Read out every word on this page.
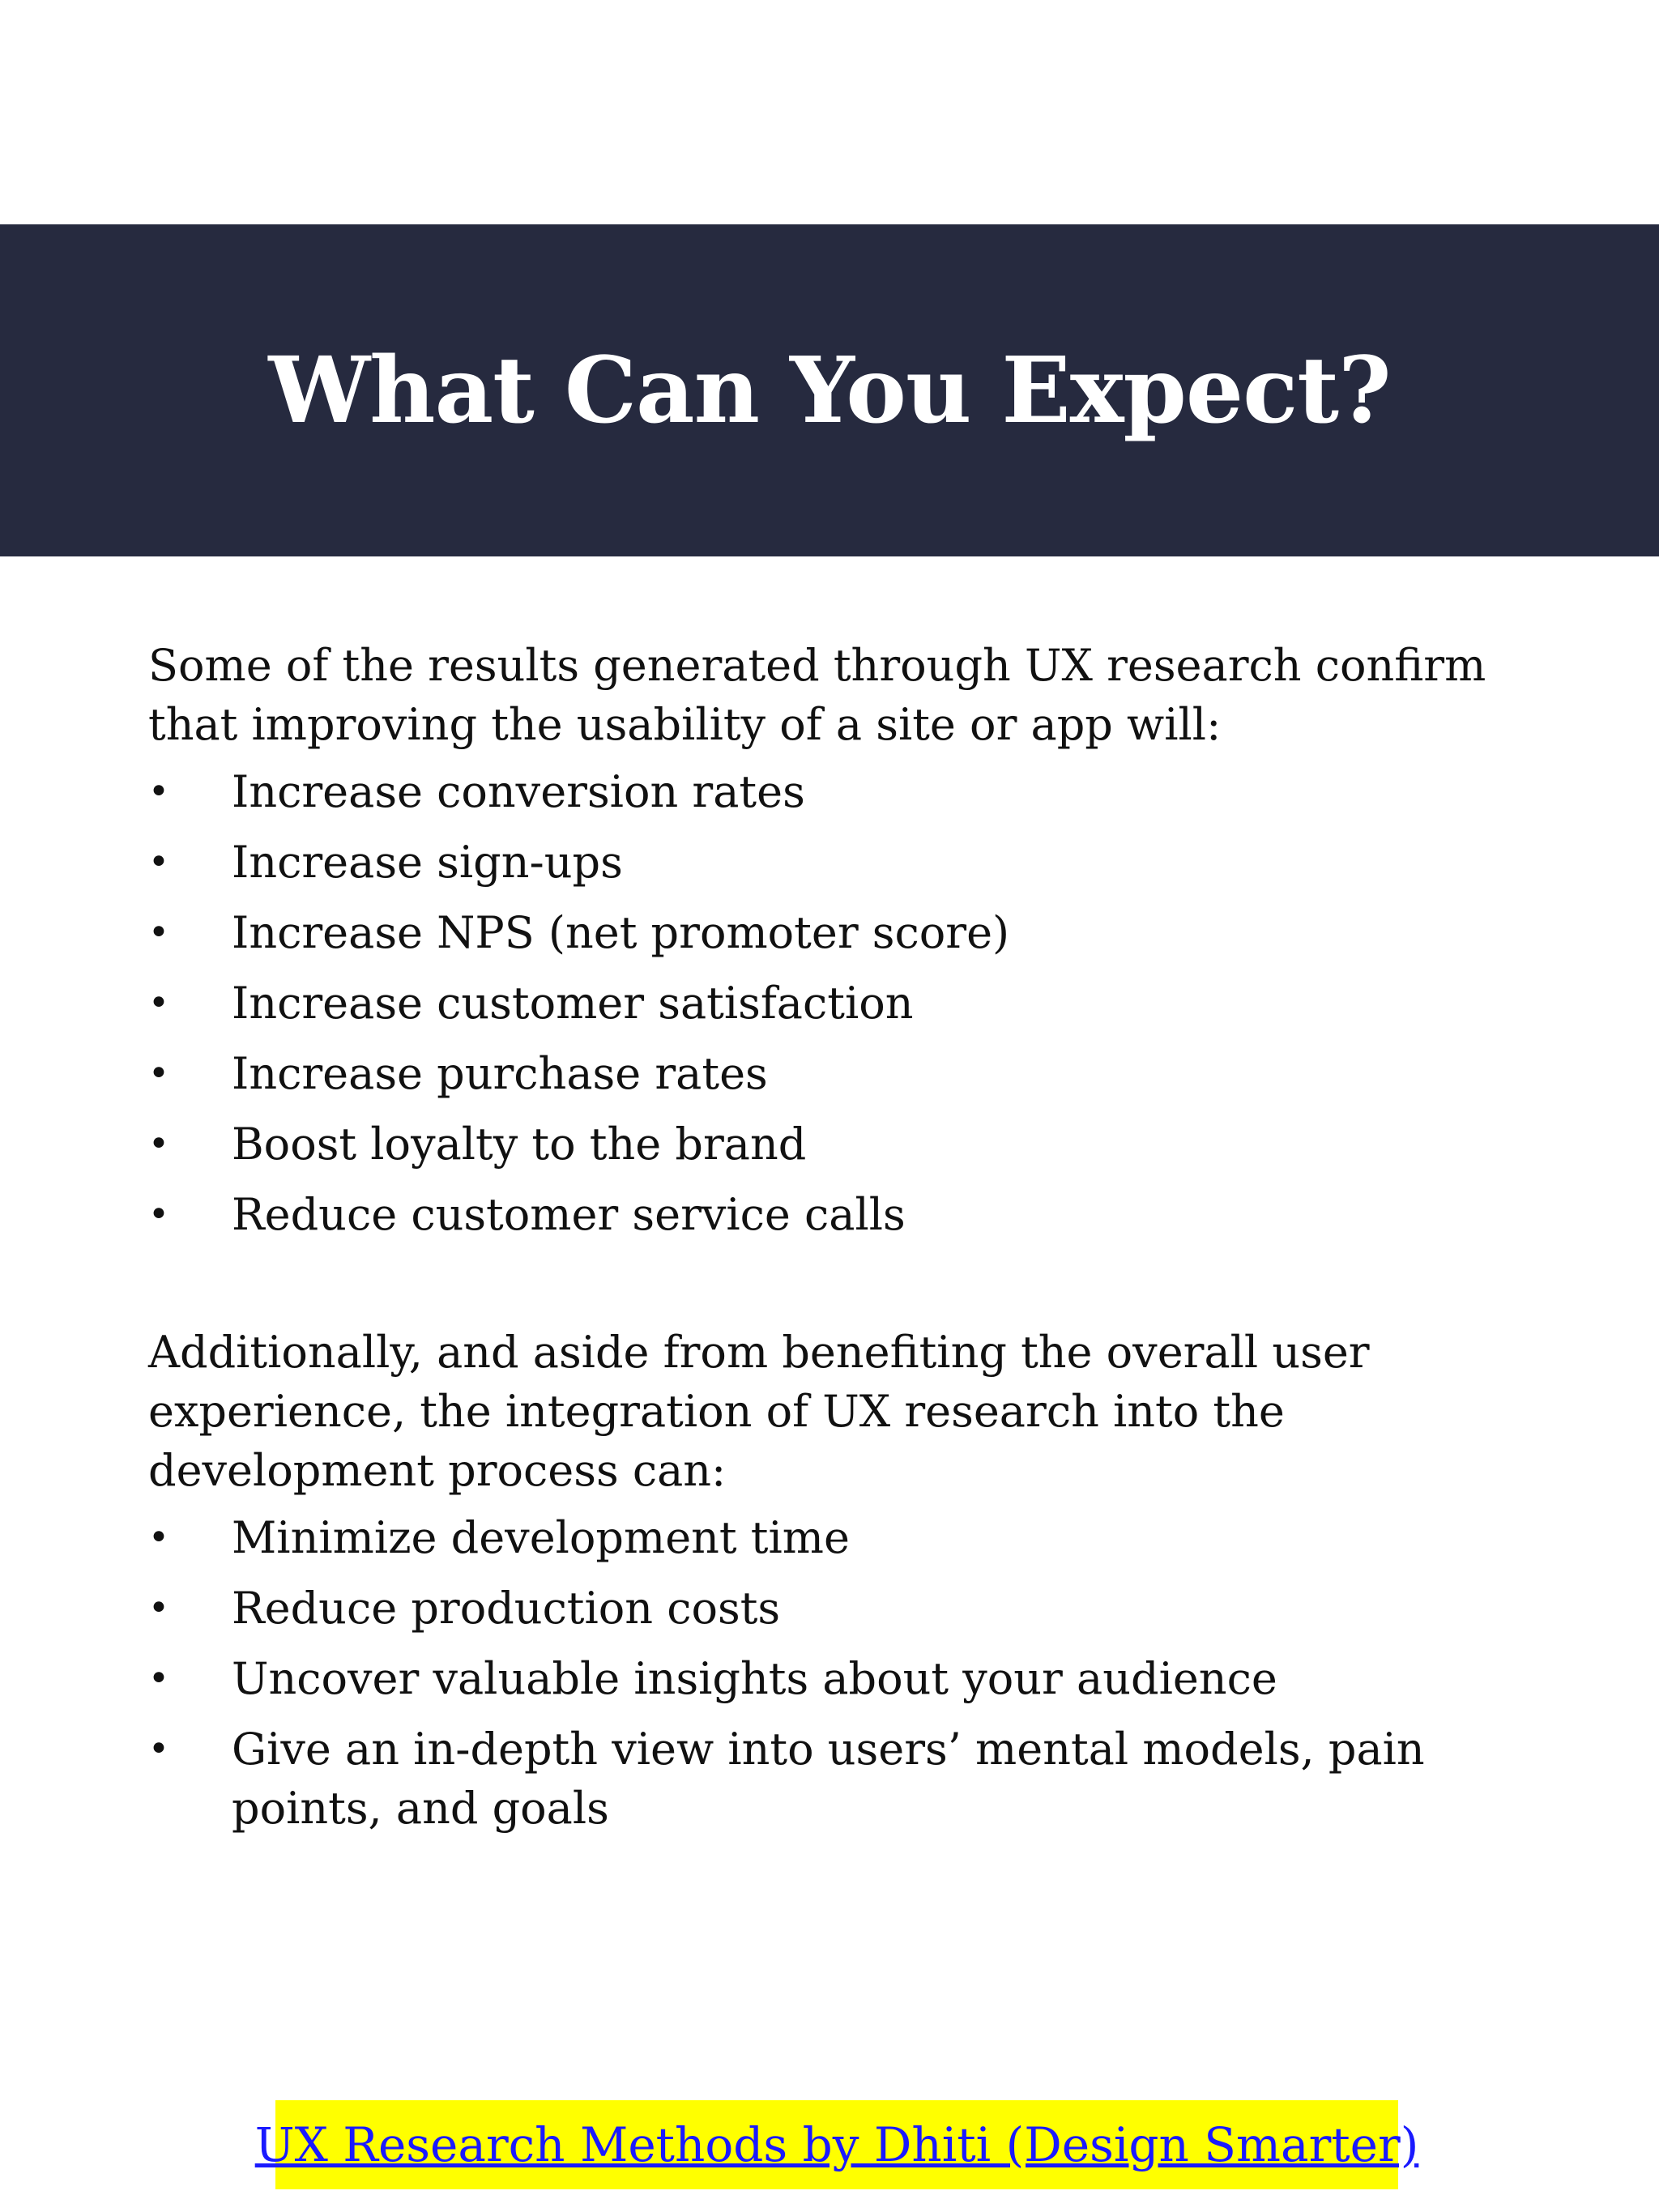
What Can You Expect?

Some of the results generated through UX research confirm that improving the usability of a site or app will:

• Increase conversion rates
• Increase sign-ups
• Increase NPS (net promoter score)
• Increase customer satisfaction
• Increase purchase rates
• Boost loyalty to the brand
• Reduce customer service calls

Additionally, and aside from benefiting the overall user experience, the integration of UX research into the development process can:

• Minimize development time
• Reduce production costs
• Uncover valuable insights about your audience
• Give an in-depth view into users’ mental models, pain points, and goals
UX Research Methods by Dhiti (Design Smarter)
